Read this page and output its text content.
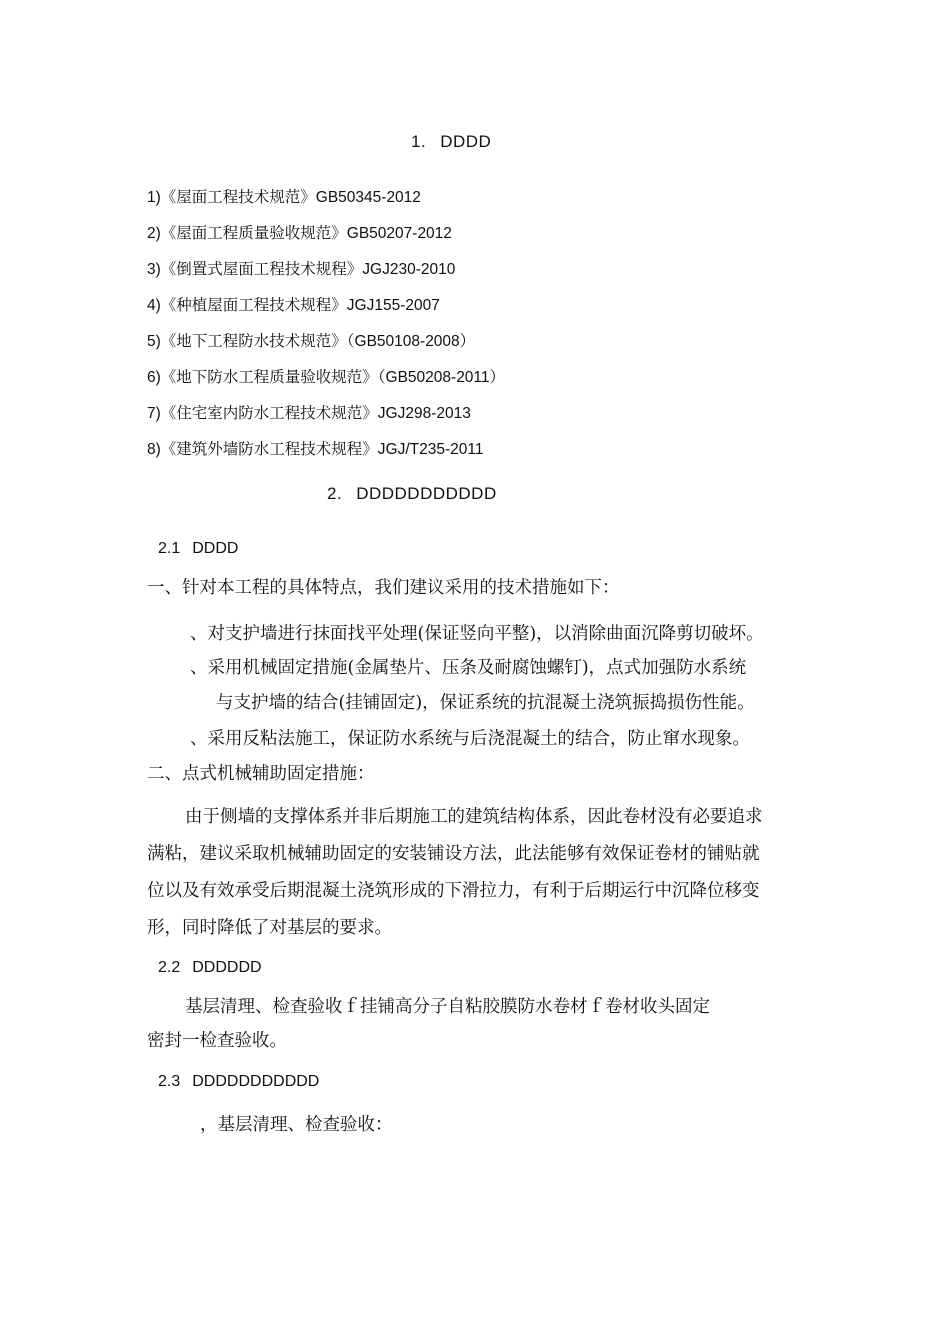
1. DDDD
1)《屋面工程技术规范》GB50345-2012
2)《屋面工程质量验收规范》GB50207-2012
3)《倒置式屋面工程技术规程》JGJ230-2010
4)《种植屋面工程技术规程》JGJ155-2007
5)《地下工程防水技术规范》（GB50108-2008）
6)《地下防水工程质量验收规范》（GB50208-2011）
7)《住宅室内防水工程技术规范》JGJ298-2013
8)《建筑外墙防水工程技术规程》JGJ/T235-2011
2. DDDDDDDDDDD
2.1 DDDD
一、针对本工程的具体特点，我们建议采用的技术措施如下：
、对支护墙进行抹面找平处理(保证竖向平整)，以消除曲面沉降剪切破坏。
、采用机械固定措施(金属垫片、压条及耐腐蚀螺钉)，点式加强防水系统
与支护墙的结合(挂铺固定)，保证系统的抗混凝土浇筑振捣损伤性能。
、采用反粘法施工，保证防水系统与后浇混凝土的结合，防止窜水现象。
二、点式机械辅助固定措施：
由于侧墙的支撑体系并非后期施工的建筑结构体系，因此卷材没有必要追求
满粘，建议采取机械辅助固定的安装铺设方法，此法能够有效保证卷材的铺贴就
位以及有效承受后期混凝土浇筑形成的下滑拉力，有利于后期运行中沉降位移变
形，同时降低了对基层的要求。
2.2 DDDDDD
基层清理、检查验收ｆ挂铺高分子自粘胶膜防水卷材ｆ卷材收头固定
密封一检查验收。
2.3 DDDDDDDDDDD
，基层清理、检查验收：
